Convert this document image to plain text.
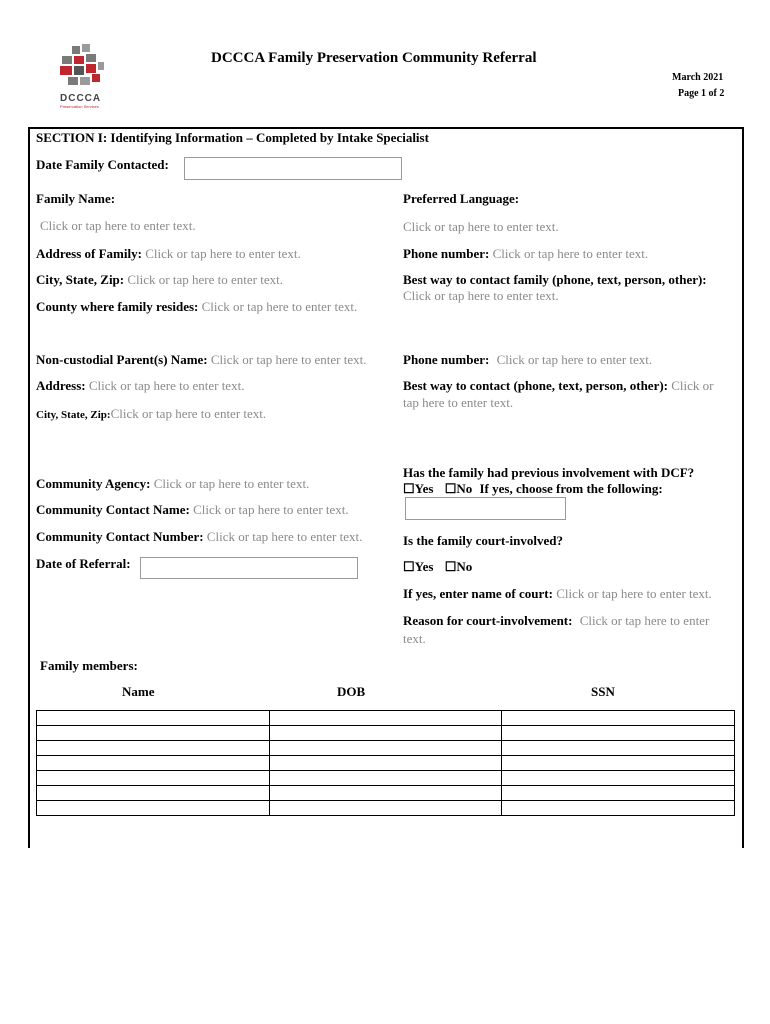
DCCCA
Preservation Services
DCCCA Family Preservation Community Referral
March 2021
Page 1 of 2
SECTION I: Identifying Information – Completed by Intake Specialist
Date Family Contacted:
Family Name:
Click or tap here to enter text.
Preferred Language:
Click or tap here to enter text.
Address of Family: Click or tap here to enter text.	Phone number: Click or tap here to enter text.
City, State, Zip: Click or tap here to enter text.	Best way to contact family (phone, text, person, other):
Click or tap here to enter text.
County where family resides: Click or tap here to enter text.
Non-custodial Parent(s) Name: Click or tap here to enter text.	Phone number: Click or tap here to enter text.
Address: Click or tap here to enter text.	Best way to contact (phone, text, person, other): Click or
tap here to enter text.
City, State, Zip:Click or tap here to enter text.
Has the family had previous involvement with DCF?
Community Agency: Click or tap here to enter text.	☐Yes ☐No If yes, choose from the following:
Community Contact Name: Click or tap here to enter text.
Community Contact Number: Click or tap here to enter text.	Is the family court-involved?
Date of Referral:	☐Yes ☐No
If yes, enter name of court: Click or tap here to enter text.
Reason for court-involvement: Click or tap here to enter
text.
Family members:
Name	DOB	SSN
